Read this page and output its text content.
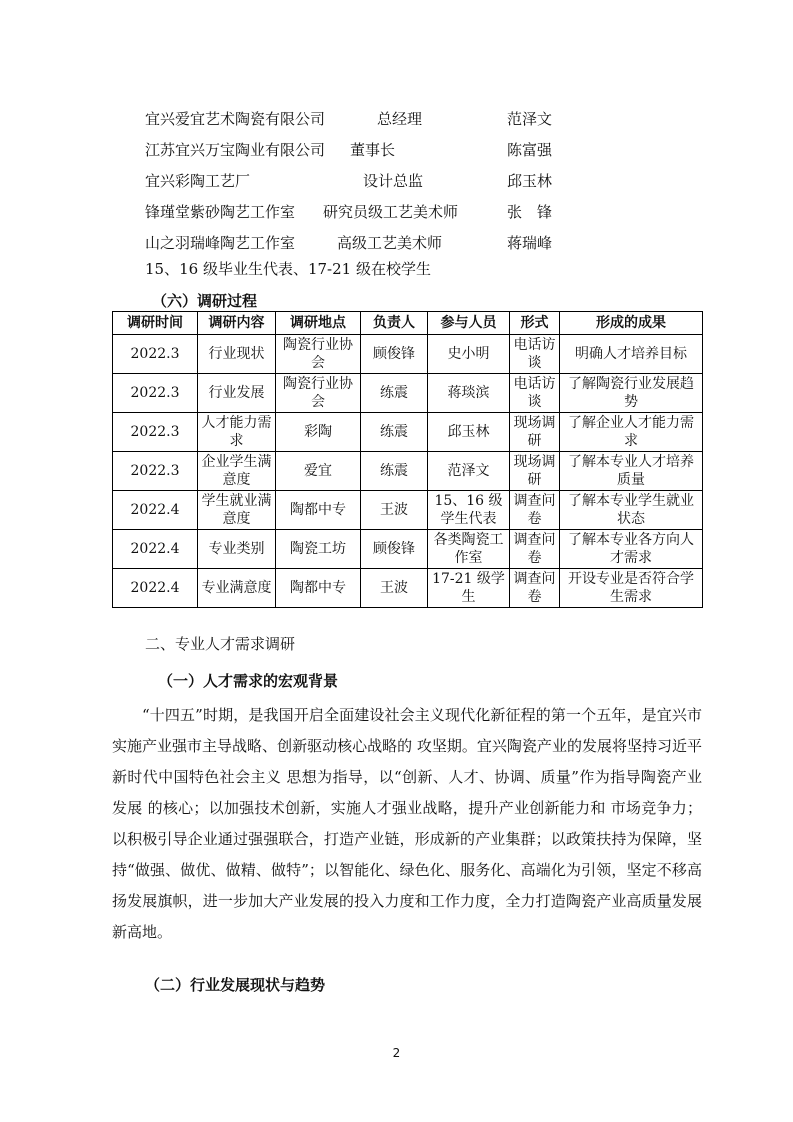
宜兴爱宜艺术陶瓷有限公司	总经理	范泽文
江苏宜兴万宝陶业有限公司 董事长	陈富强
宜兴彩陶工艺厂	设计总监	邱玉林
锋瑾堂紫砂陶艺工作室 研究员级工艺美术师	张　锋
山之羽瑞峰陶艺工作室	高级工艺美术师	蒋瑞峰
15、16 级毕业生代表、17-21 级在校学生
（六）调研过程
调研时间	调研内容	调研地点	负责人	参与人员	形式	形成的成果
2022.3	行业现状	陶瓷行业协会	顾俊锋	史小明	电话访谈	明确人才培养目标
2022.3	行业发展	陶瓷行业协会	练震	蒋琰滨	电话访谈	了解陶瓷行业发展趋势
2022.3	人才能力需求	彩陶	练震	邱玉林	现场调研	了解企业人才能力需求
2022.3	企业学生满意度	爱宜	练震	范泽文	现场调研	了解本专业人才培养质量
2022.4	学生就业满意度	陶都中专	王波	15、16 级学生代表	调查问卷	了解本专业学生就业状态
2022.4	专业类别	陶瓷工坊	顾俊锋	各类陶瓷工作室	调查问卷	了解本专业各方向人才需求
2022.4	专业满意度	陶都中专	王波	17-21 级学生	调查问卷	开设专业是否符合学生需求
二、专业人才需求调研
（一）人才需求的宏观背景

“十四五”时期，是我国开启全面建设社会主义现代化新征程的第一个五年，是宜兴市实施产业强市主导战略、创新驱动核心战略的 攻坚期。宜兴陶瓷产业的发展将坚持习近平新时代中国特色社会主义 思想为指导，以“创新、人才、协调、质量”作为指导陶瓷产业发展 的核心；以加强技术创新，实施人才强业战略，提升产业创新能力和 市场竞争力；以积极引导企业通过强强联合，打造产业链，形成新的产业集群；以政策扶持为保障，坚持“做强、做优、做精、做特”；以智能化、绿色化、服务化、高端化为引领，坚定不移高扬发展旗帜，进一步加大产业发展的投入力度和工作力度，全力打造陶瓷产业高质量发展新高地。

（二）行业发展现状与趋势
2
